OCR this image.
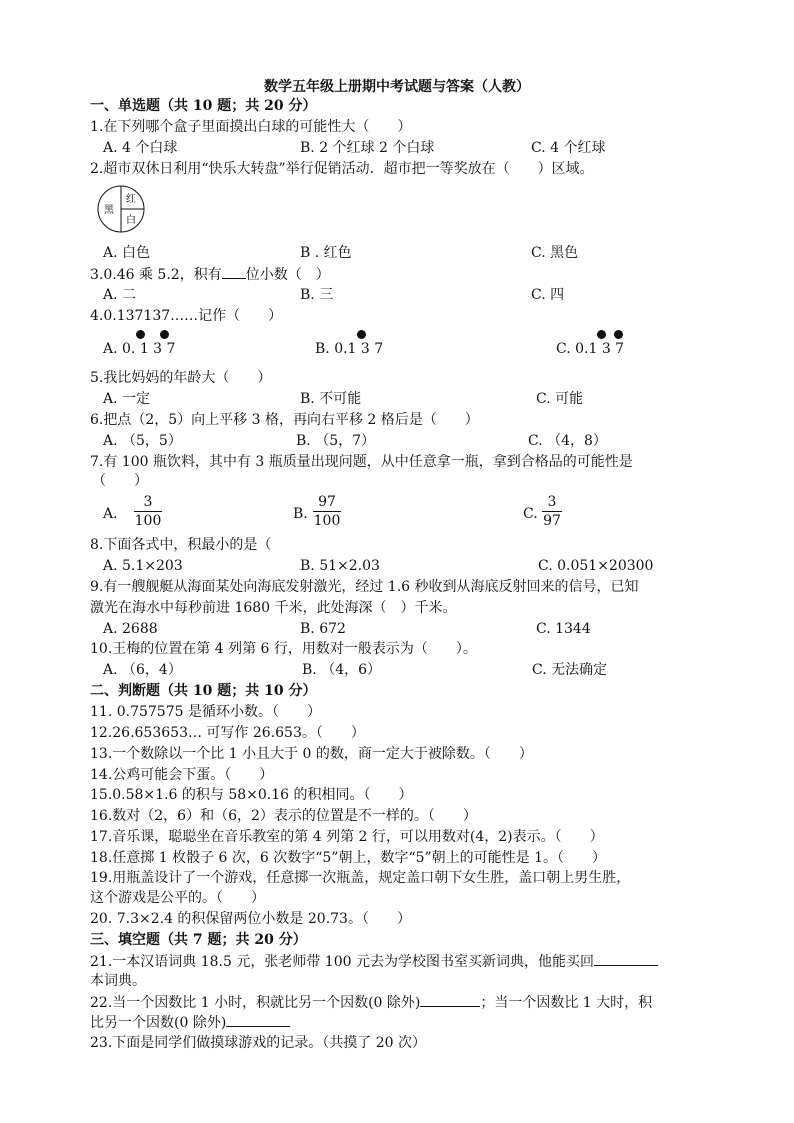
数学五年级上册期中考试题与答案（人教）
一、单选题（共 10 题；共 20 分）
1.在下列哪个盒子里面摸出白球的可能性大（　　）
A. 4 个白球	B. 2 个红球 2 个白球	C. 4 个红球
2.超市双休日利用“快乐大转盘”举行促销活动．超市把一等奖放在（　　）区域。
黑
红
白
A. 白色	B . 红色	C. 黑色
3.0.46 乘 5.2，积有 位小数（　）
A. 二	B. 三	C. 四
4.0.137137……记作（　　）
A. 0. 1 3 7	B. 0.1 3 7	C. 0.1 3 7
5.我比妈妈的年龄大（　　）
A. 一定	B. 不可能	C. 可能
6.把点（2，5）向上平移 3 格，再向右平移 2 格后是（　　）
A. （5，5）	B. （5，7）	C. （4，8）
7.有 100 瓶饮料，其中有 3 瓶质量出现问题，从中任意拿一瓶，拿到合格品的可能性是
（　　）
A.
3
100	B.
97
100	C.
3
97
8.下面各式中，积最小的是（
A. 5.1×203	B. 51×2.03	C. 0.051×20300
9.有一艘舰艇从海面某处向海底发射激光，经过 1.6 秒收到从海底反射回来的信号，已知
激光在海水中每秒前进 1680 千米，此处海深（　）千米。
A. 2688	B. 672	C. 1344
10.王梅的位置在第 4 列第 6 行，用数对一般表示为（　　）。
A. （6，4）	B. （4，6）	C. 无法确定
二、判断题（共 10 题；共 10 分）
11. 0.757575 是循环小数。（　　）
12.26.653653… 可写作 26.653。（　　）
13.一个数除以一个比 1 小且大于 0 的数，商一定大于被除数。（　　）
14.公鸡可能会下蛋。（　　）
15.0.58×1.6 的积与 58×0.16 的积相同。（　　）
16.数对（2，6）和（6，2）表示的位置是不一样的。（　　）
17.音乐课，聪聪坐在音乐教室的第 4 列第 2 行，可以用数对(4，2)表示。（　　）
18.任意掷 1 枚骰子 6 次，6 次数字“5”朝上，数字“5”朝上的可能性是 1。（　　）
19.用瓶盖设计了一个游戏，任意掷一次瓶盖，规定盖口朝下女生胜，盖口朝上男生胜，
这个游戏是公平的。（　　）
20. 7.3×2.4 的积保留两位小数是 20.73。（　　）
三、填空题（共 7 题；共 20 分）
21.一本汉语词典 18.5 元，张老师带 100 元去为学校图书室买新词典，他能买回
本词典。
22.当一个因数比 1 小时，积就比另一个因数(0 除外)	；当一个因数比 1 大时，积
比另一个因数(0 除外)
23.下面是同学们做摸球游戏的记录。（共摸了 20 次）
